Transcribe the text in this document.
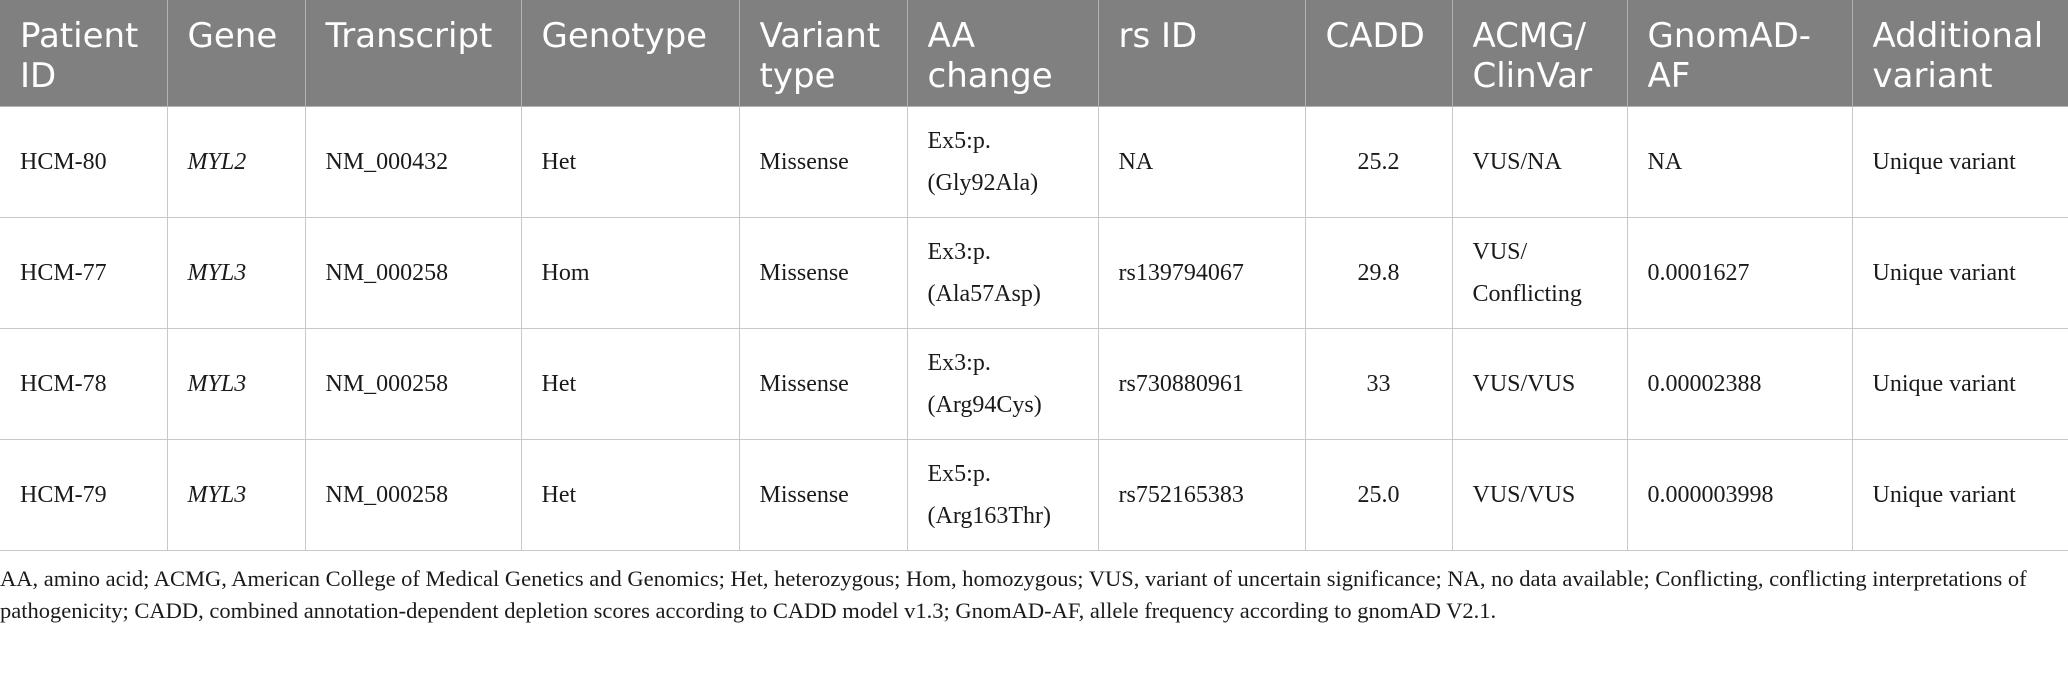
Patient ID	Gene	Transcript	Genotype	Variant type	AA change	rs ID	CADD	ACMG/ ClinVar	GnomAD- AF	Additional variant
HCM-80	MYL2	NM_000432	Het	Missense	Ex5:p.(Gly92Ala)	NA	25.2	VUS/NA	NA	Unique variant
HCM-77	MYL3	NM_000258	Hom	Missense	Ex3:p.(Ala57Asp)	rs139794067	29.8	VUS/ Conflicting	0.0001627	Unique variant
HCM-78	MYL3	NM_000258	Het	Missense	Ex3:p.(Arg94Cys)	rs730880961	33	VUS/VUS	0.00002388	Unique variant
HCM-79	MYL3	NM_000258	Het	Missense	Ex5:p.(Arg163Thr)	rs752165383	25.0	VUS/VUS	0.000003998	Unique variant

AA, amino acid; ACMG, American College of Medical Genetics and Genomics; Het, heterozygous; Hom, homozygous; VUS, variant of uncertain significance; NA, no data available; Conflicting, conflicting interpretations of pathogenicity; CADD, combined annotation-dependent depletion scores according to CADD model v1.3; GnomAD-AF, allele frequency according to gnomAD V2.1.
